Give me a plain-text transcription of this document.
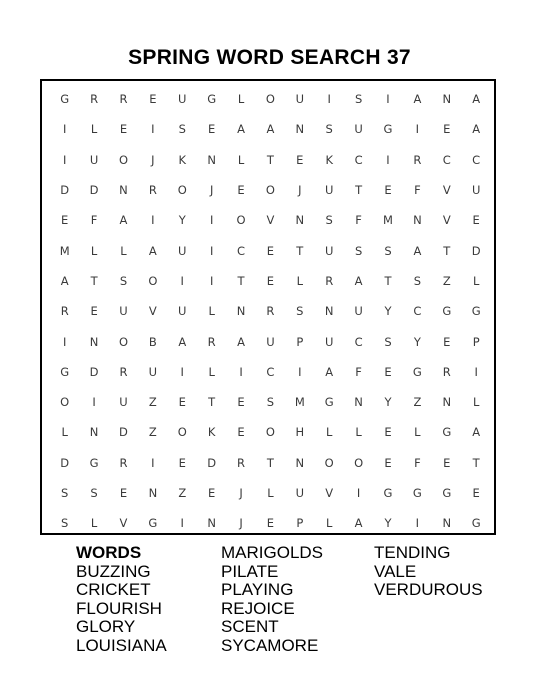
SPRING WORD SEARCH 37
G	R	R	E	U	G	L	O	U	I	S	I	A	N	A
I	L	E	I	S	E	A	A	N	S	U	G	I	E	A
I	U	O	J	K	N	L	T	E	K	C	I	R	C	C
D	D	N	R	O	J	E	O	J	U	T	E	F	V	U
E	F	A	I	Y	I	O	V	N	S	F	M	N	V	E
M	L	L	A	U	I	C	E	T	U	S	S	A	T	D
A	T	S	O	I	I	T	E	L	R	A	T	S	Z	L
R	E	U	V	U	L	N	R	S	N	U	Y	C	G	G
I	N	O	B	A	R	A	U	P	U	C	S	Y	E	P
G	D	R	U	I	L	I	C	I	A	F	E	G	R	I
O	I	U	Z	E	T	E	S	M	G	N	Y	Z	N	L
L	N	D	Z	O	K	E	O	H	L	L	E	L	G	A
D	G	R	I	E	D	R	T	N	O	O	E	F	E	T
S	S	E	N	Z	E	J	L	U	V	I	G	G	G	E
S	L	V	G	I	N	J	E	P	L	A	Y	I	N	G
WORDS
BUZZING
CRICKET
FLOURISH
GLORY
LOUISIANA
MARIGOLDS
PILATE
PLAYING
REJOICE
SCENT
SYCAMORE
TENDING
VALE
VERDUROUS
